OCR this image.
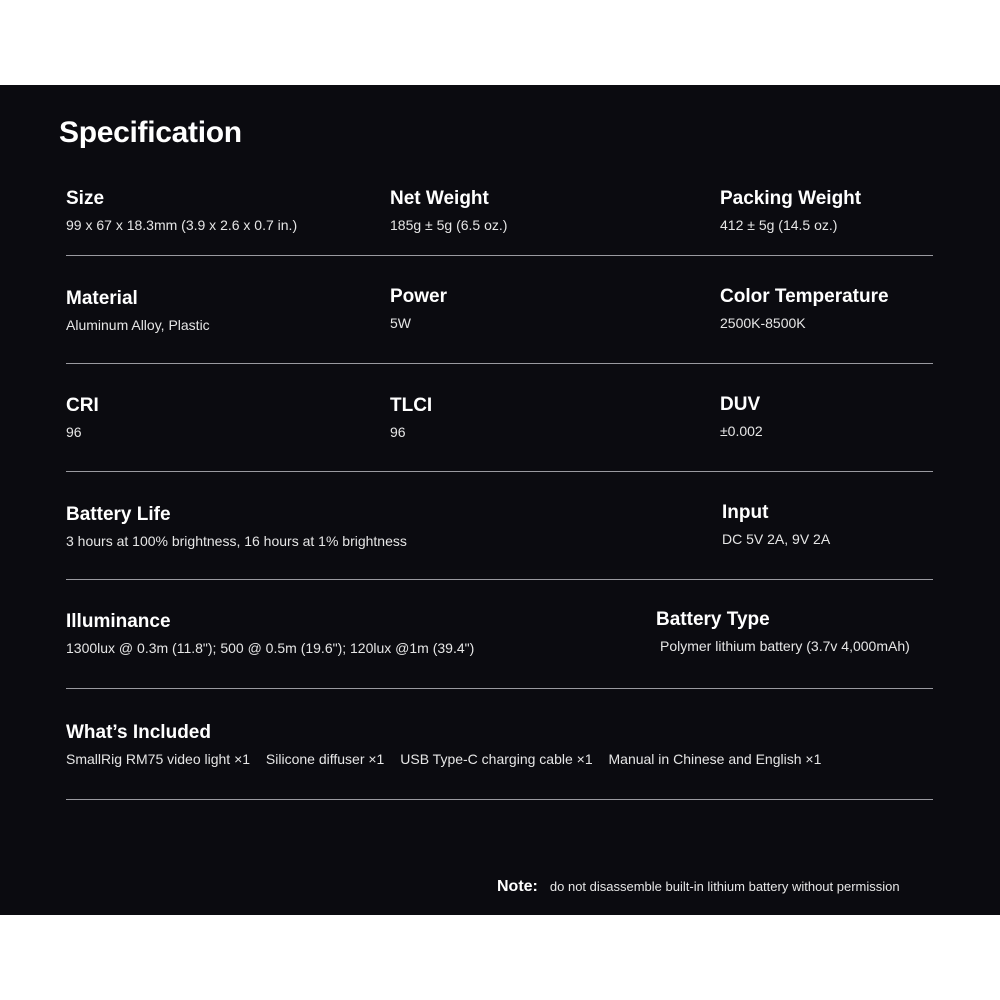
Specification
Size
99 x 67 x 18.3mm (3.9 x 2.6 x 0.7 in.)
Net Weight
185g ± 5g (6.5 oz.)
Packing Weight
412 ± 5g (14.5 oz.)
Material
Aluminum Alloy, Plastic
Power
5W
Color Temperature
2500K-8500K
CRI
96
TLCI
96
DUV
±0.002
Battery Life
3 hours at 100% brightness, 16 hours at 1% brightness
Input
DC 5V 2A, 9V 2A
Illuminance
1300lux @ 0.3m (11.8"); 500 @ 0.5m (19.6"); 120lux @1m (39.4")
Battery Type
Polymer lithium battery (3.7v 4,000mAh)
What’s Included
SmallRig RM75 video light ×1 Silicone diffuser ×1 USB Type-C charging cable ×1 Manual in Chinese and English ×1
Note: do not disassemble built-in lithium battery without permission
